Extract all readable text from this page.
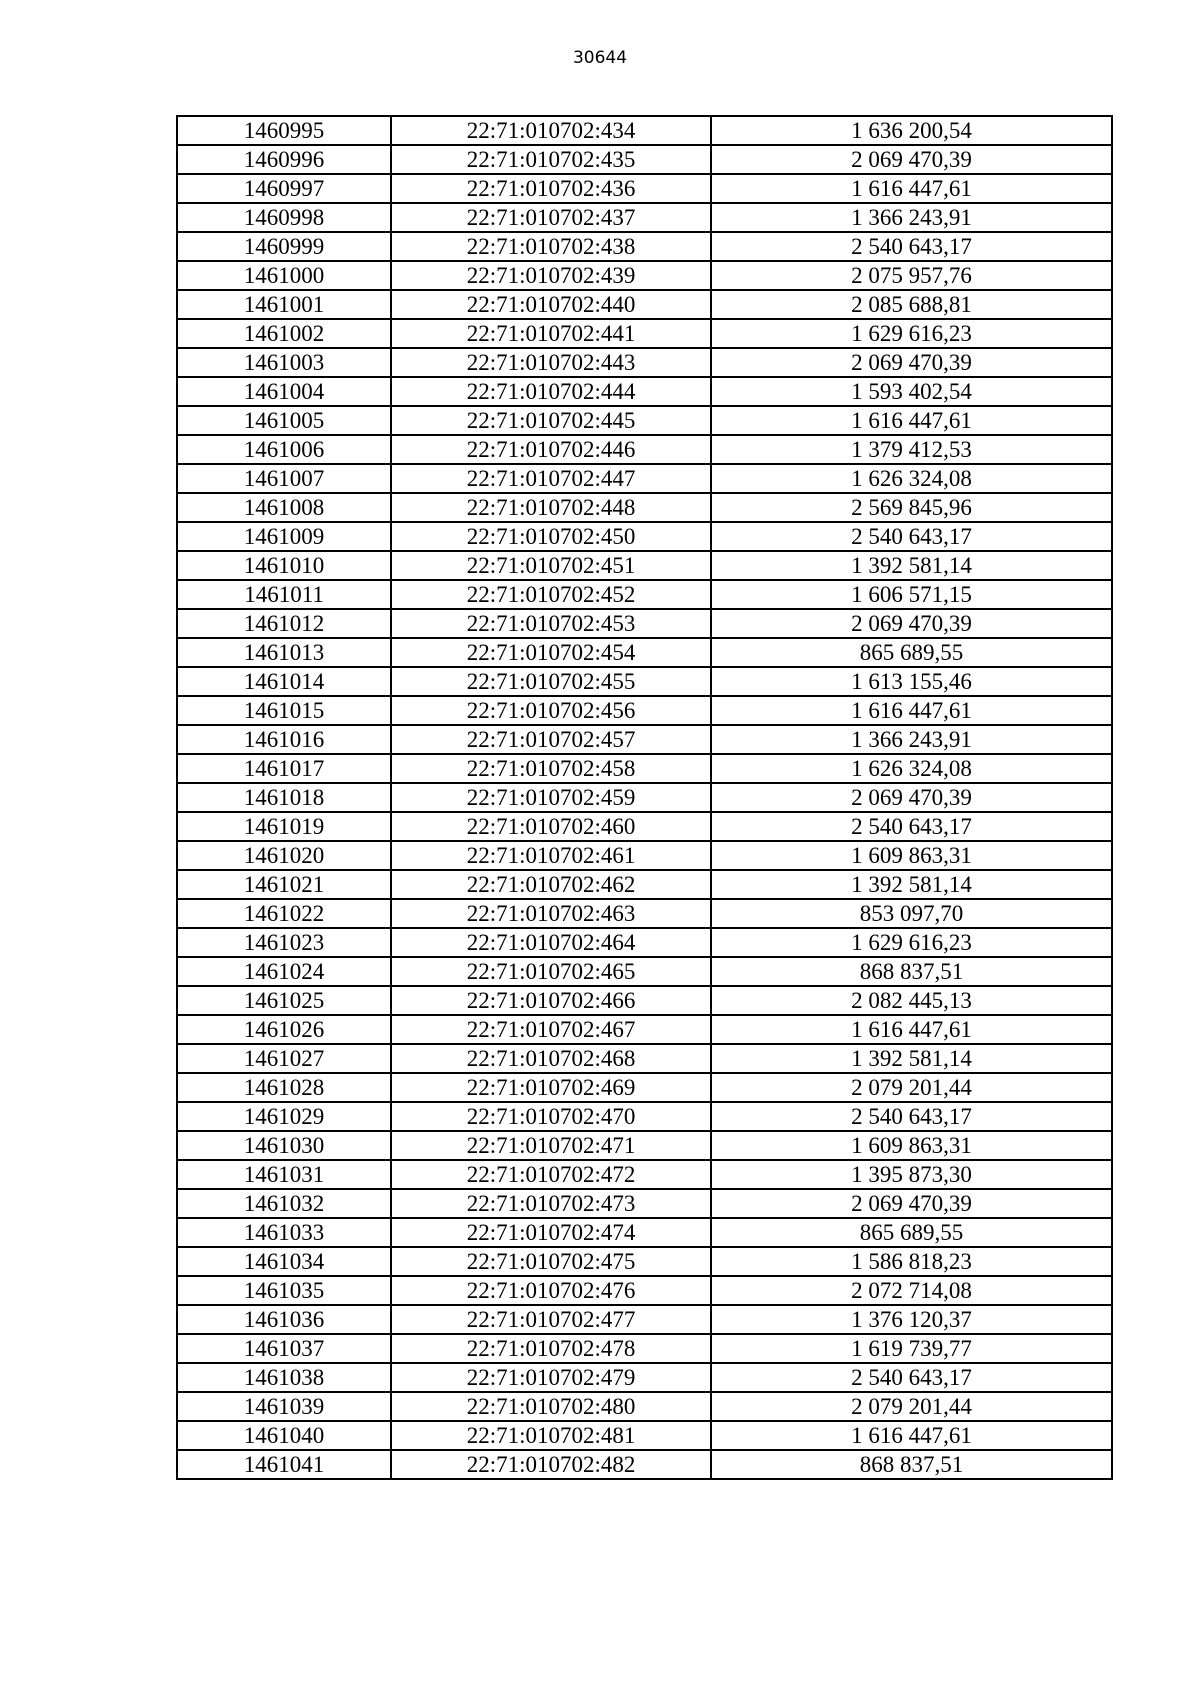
30644
1460995	22:71:010702:434	1 636 200,54
1460996	22:71:010702:435	2 069 470,39
1460997	22:71:010702:436	1 616 447,61
1460998	22:71:010702:437	1 366 243,91
1460999	22:71:010702:438	2 540 643,17
1461000	22:71:010702:439	2 075 957,76
1461001	22:71:010702:440	2 085 688,81
1461002	22:71:010702:441	1 629 616,23
1461003	22:71:010702:443	2 069 470,39
1461004	22:71:010702:444	1 593 402,54
1461005	22:71:010702:445	1 616 447,61
1461006	22:71:010702:446	1 379 412,53
1461007	22:71:010702:447	1 626 324,08
1461008	22:71:010702:448	2 569 845,96
1461009	22:71:010702:450	2 540 643,17
1461010	22:71:010702:451	1 392 581,14
1461011	22:71:010702:452	1 606 571,15
1461012	22:71:010702:453	2 069 470,39
1461013	22:71:010702:454	865 689,55
1461014	22:71:010702:455	1 613 155,46
1461015	22:71:010702:456	1 616 447,61
1461016	22:71:010702:457	1 366 243,91
1461017	22:71:010702:458	1 626 324,08
1461018	22:71:010702:459	2 069 470,39
1461019	22:71:010702:460	2 540 643,17
1461020	22:71:010702:461	1 609 863,31
1461021	22:71:010702:462	1 392 581,14
1461022	22:71:010702:463	853 097,70
1461023	22:71:010702:464	1 629 616,23
1461024	22:71:010702:465	868 837,51
1461025	22:71:010702:466	2 082 445,13
1461026	22:71:010702:467	1 616 447,61
1461027	22:71:010702:468	1 392 581,14
1461028	22:71:010702:469	2 079 201,44
1461029	22:71:010702:470	2 540 643,17
1461030	22:71:010702:471	1 609 863,31
1461031	22:71:010702:472	1 395 873,30
1461032	22:71:010702:473	2 069 470,39
1461033	22:71:010702:474	865 689,55
1461034	22:71:010702:475	1 586 818,23
1461035	22:71:010702:476	2 072 714,08
1461036	22:71:010702:477	1 376 120,37
1461037	22:71:010702:478	1 619 739,77
1461038	22:71:010702:479	2 540 643,17
1461039	22:71:010702:480	2 079 201,44
1461040	22:71:010702:481	1 616 447,61
1461041	22:71:010702:482	868 837,51
